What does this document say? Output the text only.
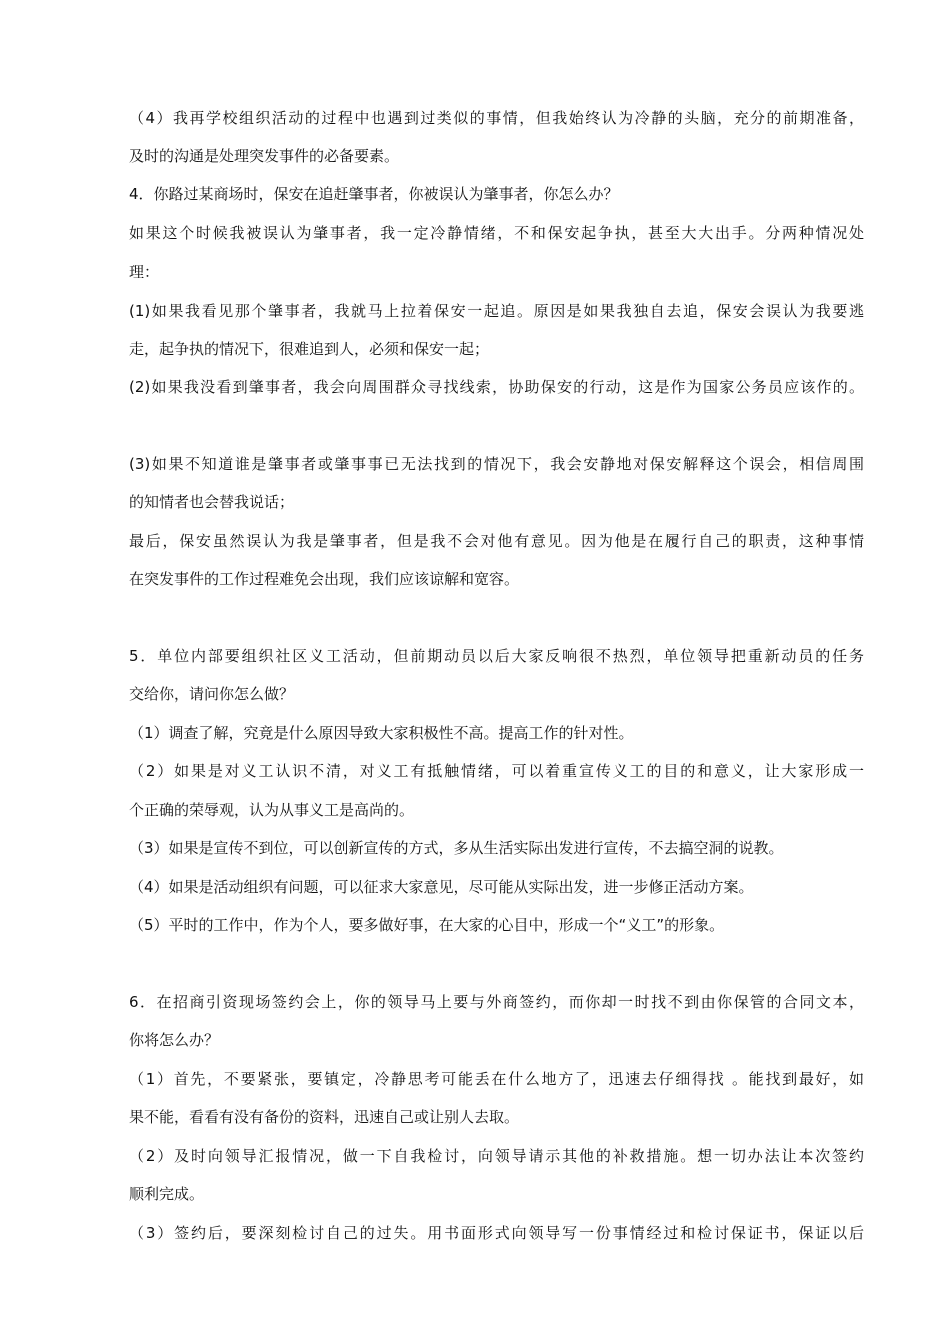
（4）我再学校组织活动的过程中也遇到过类似的事情，但我始终认为冷静的头脑，充分的前期准备，
及时的沟通是处理突发事件的必备要素。
4．你路过某商场时，保安在追赶肇事者，你被误认为肇事者，你怎么办？
如果这个时候我被误认为肇事者，我一定冷静情绪，不和保安起争执，甚至大大出手。分两种情况处
理：
(1)如果我看见那个肇事者，我就马上拉着保安一起追。原因是如果我独自去追，保安会误认为我要逃
走，起争执的情况下，很难追到人，必须和保安一起；
(2)如果我没看到肇事者，我会向周围群众寻找线索，协助保安的行动，这是作为国家公务员应该作的。
(3)如果不知道谁是肇事者或肇事事已无法找到的情况下，我会安静地对保安解释这个误会，相信周围
的知情者也会替我说话；
最后，保安虽然误认为我是肇事者，但是我不会对他有意见。因为他是在履行自己的职责，这种事情
在突发事件的工作过程难免会出现，我们应该谅解和宽容。
5．单位内部要组织社区义工活动，但前期动员以后大家反响很不热烈，单位领导把重新动员的任务
交给你，请问你怎么做？
（1）调查了解，究竟是什么原因导致大家积极性不高。提高工作的针对性。
（2）如果是对义工认识不清，对义工有抵触情绪，可以着重宣传义工的目的和意义，让大家形成一
个正确的荣辱观，认为从事义工是高尚的。
（3）如果是宣传不到位，可以创新宣传的方式，多从生活实际出发进行宣传，不去搞空洞的说教。
（4）如果是活动组织有问题，可以征求大家意见，尽可能从实际出发，进一步修正活动方案。
（5）平时的工作中，作为个人，要多做好事，在大家的心目中，形成一个“义工”的形象。
6．在招商引资现场签约会上，你的领导马上要与外商签约，而你却一时找不到由你保管的合同文本，
你将怎么办？
（1）首先，不要紧张，要镇定，冷静思考可能丢在什么地方了，迅速去仔细得找 。能找到最好，如
果不能，看看有没有备份的资料，迅速自己或让别人去取。
（2）及时向领导汇报情况，做一下自我检讨，向领导请示其他的补救措施。想一切办法让本次签约
顺利完成。
（3）签约后，要深刻检讨自己的过失。用书面形式向领导写一份事情经过和检讨保证书，保证以后
